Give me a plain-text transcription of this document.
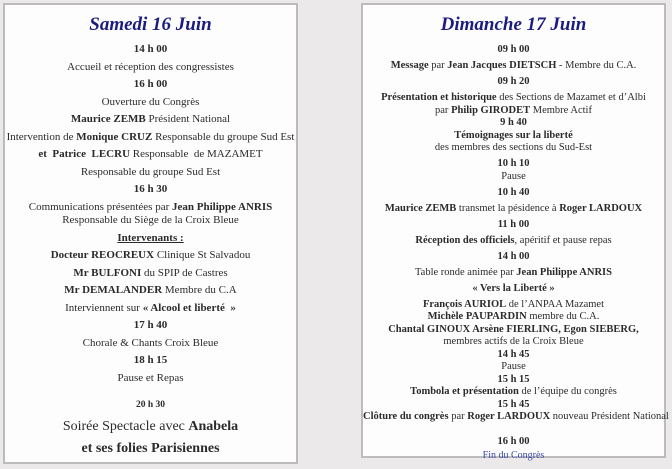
Samedi 16 Juin
14 h 00
Accueil et réception des congressistes
16 h 00
Ouverture du Congrès
Maurice ZEMB Président National
Intervention de Monique CRUZ Responsable du groupe Sud Est
et  Patrice  LECRU Responsable  de MAZAMET
Responsable du groupe Sud Est
16 h 30
Communications présentées par Jean Philippe ANRIS
Responsable du Siège de la Croix Bleue
Intervenants :
Docteur REOCREUX Clinique St Salvadou
Mr BULFONI du SPIP de Castres
Mr DEMALANDER Membre du C.A
Interviennent sur « Alcool et liberté  »
17 h 40
Chorale & Chants Croix Bleue
18 h 15
Pause et Repas
20 h 30
Soirée Spectacle avec Anabela
et ses folies Parisiennes
Dimanche 17 Juin
09 h 00
Message par Jean Jacques DIETSCH - Membre du C.A.
09 h 20
Présentation et historique des Sections de Mazamet et d’Albi
par Philip GIRODET Membre Actif
9 h 40
Témoignages sur la liberté
des membres des sections du Sud-Est
10 h 10
Pause
10 h 40
Maurice ZEMB transmet la pésidence à Roger LARDOUX
11 h 00
Réception des officiels, apéritif et pause repas
14 h 00
Table ronde animée par Jean Philippe ANRIS
« Vers la Liberté »
François AURIOL de l’ANPAA Mazamet
Michèle PAUPARDIN membre du C.A.
Chantal GINOUX Arsène FIERLING, Egon SIEBERG,
membres actifs de la Croix Bleue
14 h 45
Pause
15 h 15
Tombola et présentation de l’équipe du congrès
15 h 45
Clôture du congrès par Roger LARDOUX nouveau Président National
16 h 00
Fin du Congrès
